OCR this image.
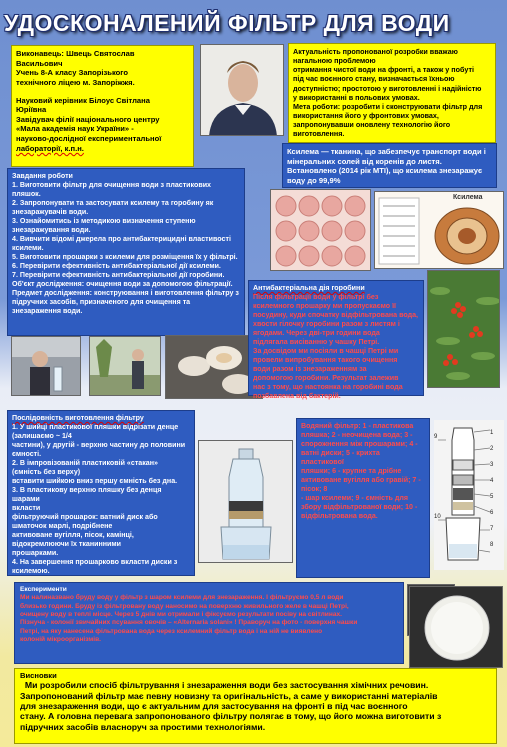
УДОСКОНАЛЕНИЙ ФІЛЬТР ДЛЯ ВОДИ
Виконавець: Швець Святослав
Васильович
Учень 8-А класу Запорізького
технічного ліцею м. Запоріжжя.
Науковий керівник Білоус Світлана
Юріївна
Завідувач філії національного центру
«Мала академія наук України» -
науково-дослідної експериментальної
лабораторії, к.п.н.
Актуальність пропонованої розробки вважаю
нагальною проблемою
отримання чистої води на фронті, а також у побуті
під час воєнного стану, визначається їхньою
доступністю; простотою у виготовленні і надійністю
у використанні в польових умовах.
Мета роботи: розробити і сконструювати фільтр для
використання його у фронтових умовах,
запропонувавши оновлену технологію його
виготовлення.
Ксилема — тканина, що забезпечує транспорт води і
мінеральних солей від коренів до листя.
Встановлено (2014 рік МТІ), що ксилема знезаражує
воду до 99,9%
Завдання роботи
1. Виготовити фільтр для очищення води з пластикових пляшок.
2. Запропонувати та застосувати ксилему та горобину як знезаражувачів води.
3. Ознайомитись із методикою визначення ступеню знезаражування води.
4. Вивчити відомі джерела про антибактерицидні властивості ксилеми.
5. Виготовити прошарки з ксилеми для розміщення їх у фільтрі.
6. Перевірити ефективність антибактеріальної дії ксилеми.
7. Перевірити ефективність антибактеріальної дії горобини. Об'єкт дослідження: очищення води за допомогою фільтрації.
Предмет дослідження: конструювання і виготовлення фільтру з підручних засобів, призначеного для очищення та знезараження води.
Ксилема
Антибактеріальна дія горобини
Після фільтрації води у фільтрі без
ксилемного прошарку ми пропускаємо її
посудину, куди спочатку відфільтрована вода,
хвости гілочку горобини разом з листям і
ягодами. Через дві-три години вода
підлягала висіванню у чашку Петрі.
За досвідом ми посіяли в чашці Петрі ми
провели випробування такого очищення
води разом із знезараженням за
допомогою горобини. Результат залежив
нас з тому, що настоянка на горобині вода
позбавлена від бактерій.
Послідовність виготовлення фільтру
1. У шийці пластикової пляшки відрізати денце
(залишаємо ~ 1/4
частини), у другій - верхню частину до половини
ємності.
2. В імпровізованій пластиковій «стакан»
(ємність без верху)
вставити шийкою вниз першу ємність без дна.
3. В пластикову верхню пляшку без денця шарами
вкласти
фільтруючий прошарок: ватний диск або
шматочок марлі, подрібнене
активоване вугілля, пісок, камінці,
відокремлюючи їх тканинними
прошарками.
4. На завершення прошарково вкласти диски з
ксилемою.
Водяний фільтр: 1 - пластикова
пляшка; 2 - неочищена вода; 3 -
спорожнення між прошарами; 4 -
ватні диски; 5 - крихта
пластикової
пляшки; 6 - крупне та дрібне
активоване вугілля або гравій; 7 -
пісок; 8
- шар ксилеми; 9 - ємність для
збору відфільтрованої води; 10 -
відфільтрована вода.
1
2
3
4
5
6
7
8
9
10
Експерименти
Ми налиназвано бруду воду у фільтр з шаром ксилеми для знезараження. І фільтруємо 0,5 л води
близько години. Бруду із фільтровану воду наносимо на поверхню живильного желе в чашці Петрі,
очищену воду в теплі місце. Через 5 днів ми отримали і фіксуємо результати посіву на світлинах.
Пізнуча - колонії звичайних псування овочів – «Alternaria solani» ! Праворуч на фото - поверхня чашки
Петрі, на яку нанесена фільтрована вода через ксилемний фільтр вода і на ній не виявлено
колоній мікроорганізмів.
Висновки
Ми розробили спосіб фільтрування і знезараження води без застосування хімічних речовин.
Запропонований фільтр має певну новизну та оригінальність, а саме у використанні матеріалів
для знезараження води, що є актуальним для застосування на фронті в під час воєнного
стану. А головна перевага запропонованого фільтру полягає в тому, що його можна виготовити з
підручних засобів власноруч за простими технологіями.
